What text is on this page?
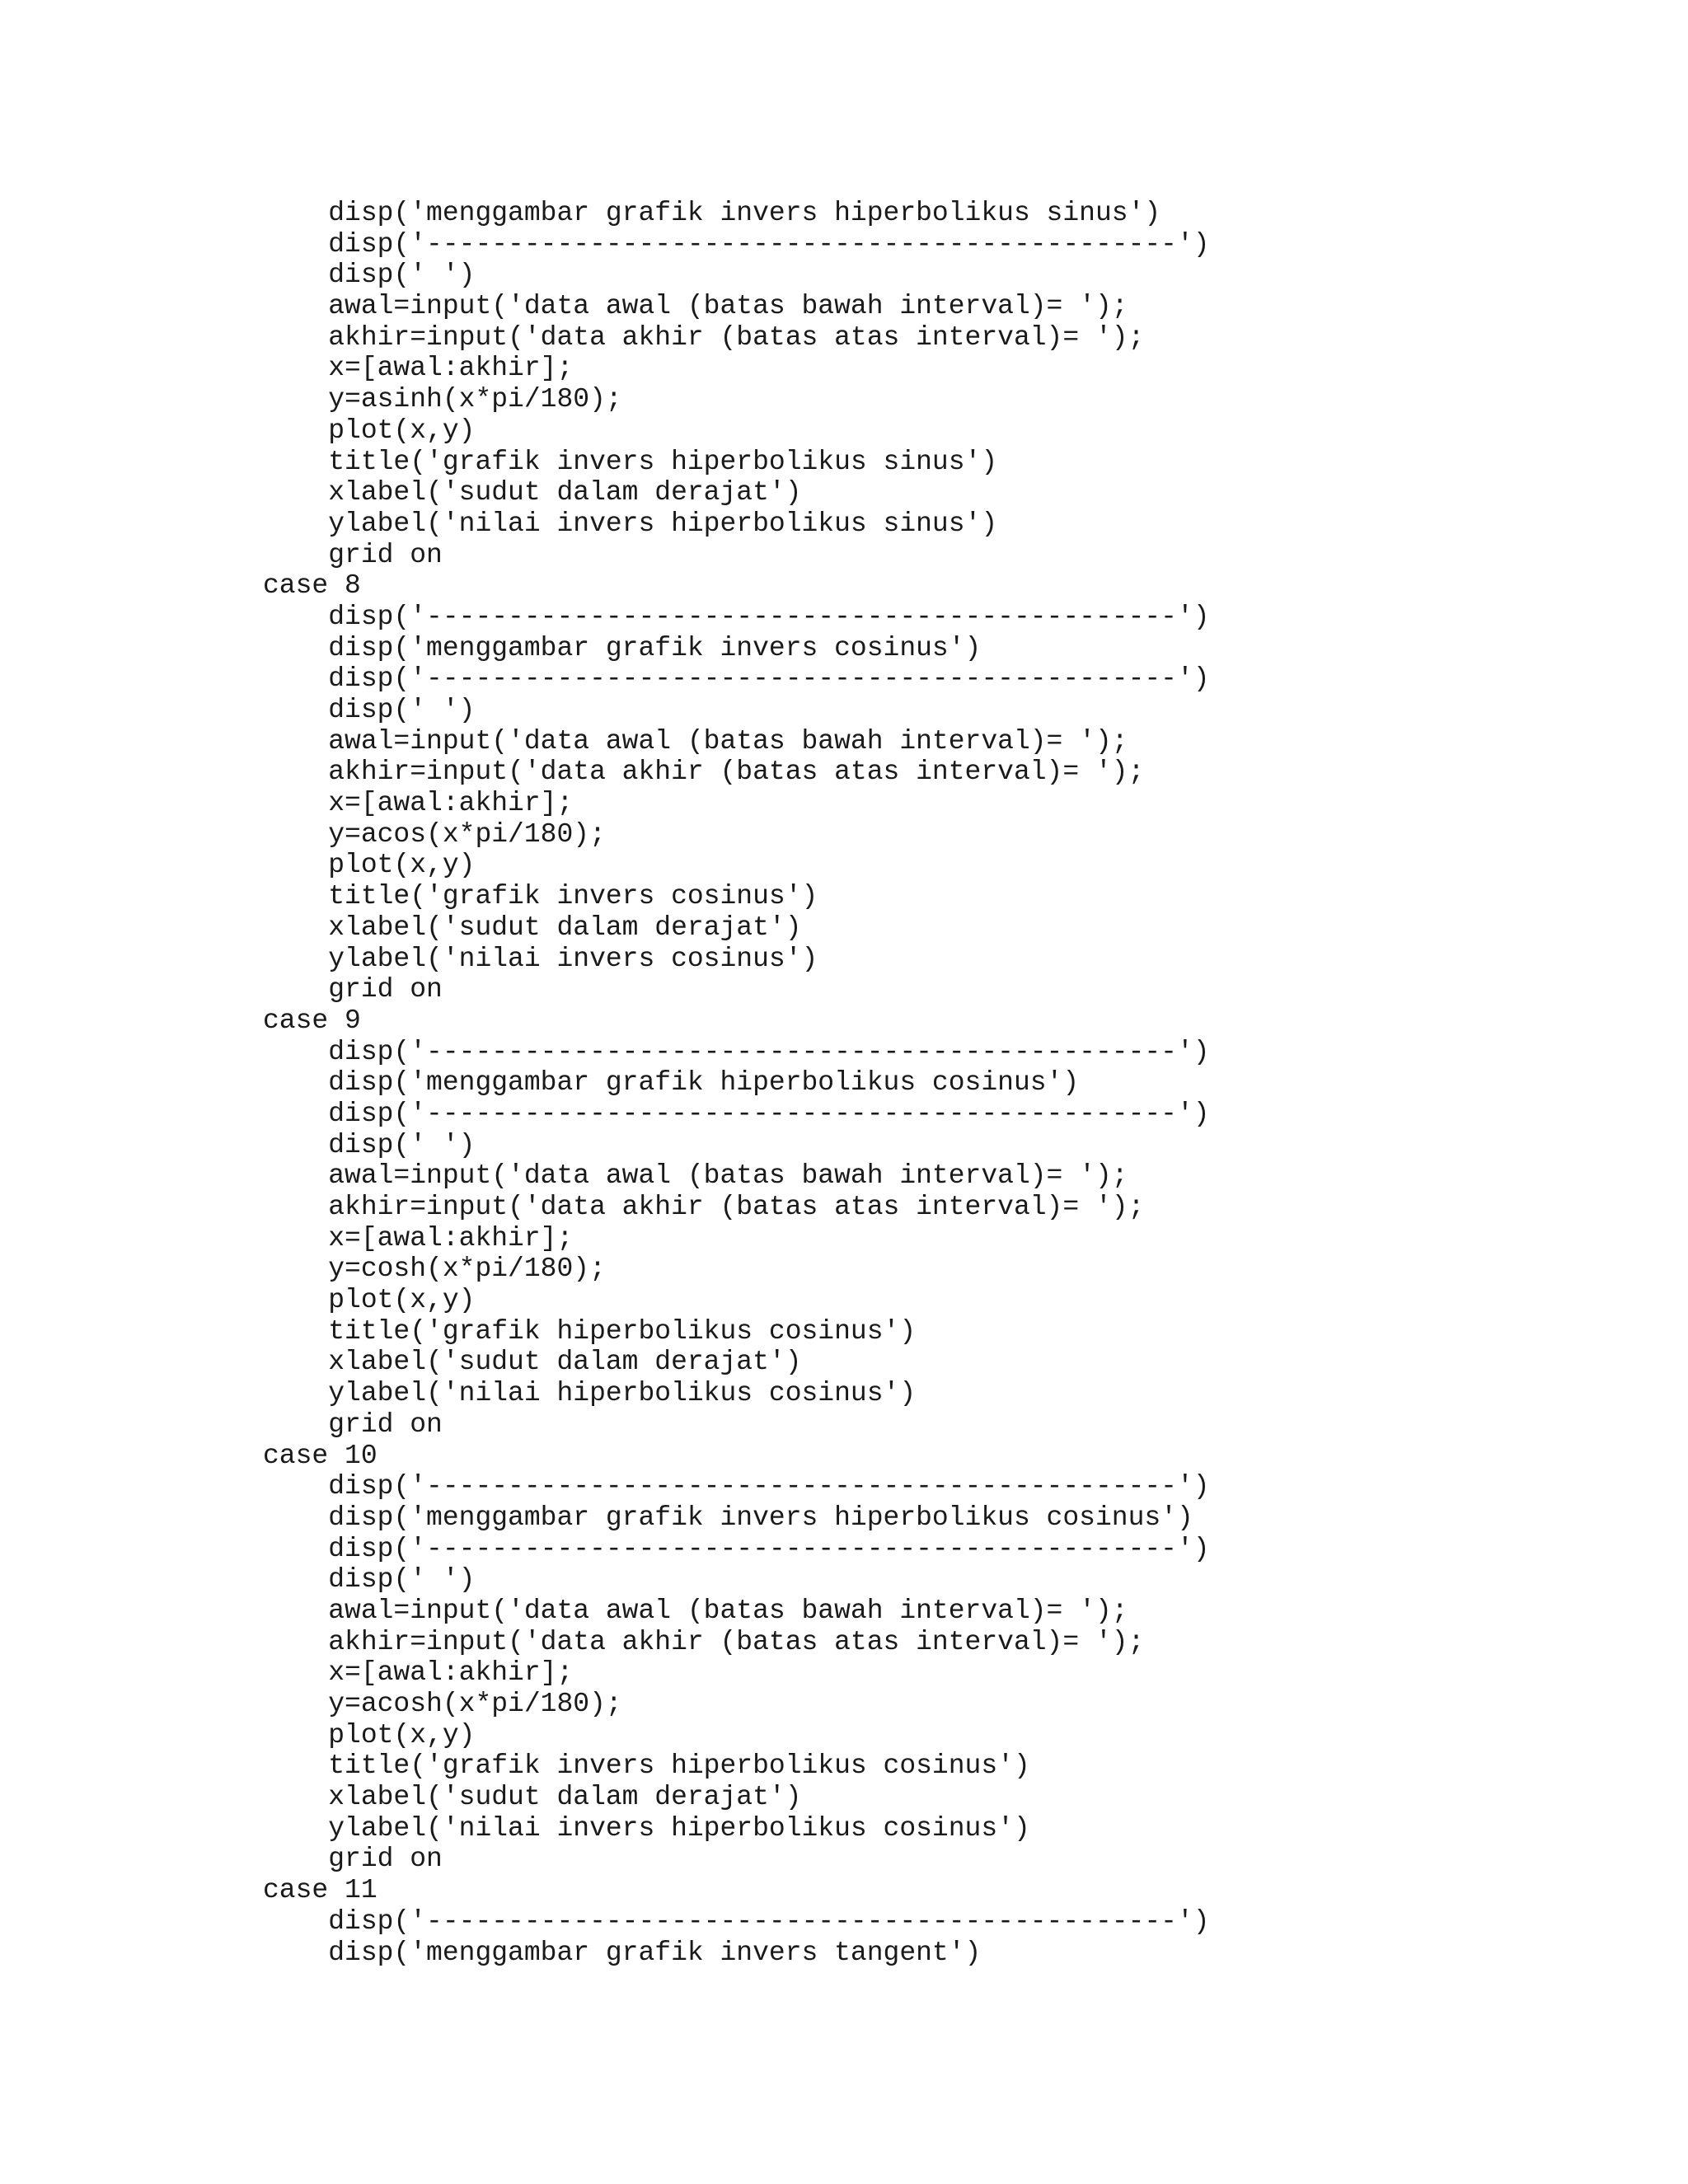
disp('menggambar grafik invers hiperbolikus sinus')
disp('----------------------------------------------')
disp(' ')
awal=input('data awal (batas bawah interval)= ');
akhir=input('data akhir (batas atas interval)= ');
x=[awal:akhir];
y=asinh(x*pi/180);
plot(x,y)
title('grafik invers hiperbolikus sinus')
xlabel('sudut dalam derajat')
ylabel('nilai invers hiperbolikus sinus')
grid on
case 8
disp('----------------------------------------------')
disp('menggambar grafik invers cosinus')
disp('----------------------------------------------')
disp(' ')
awal=input('data awal (batas bawah interval)= ');
akhir=input('data akhir (batas atas interval)= ');
x=[awal:akhir];
y=acos(x*pi/180);
plot(x,y)
title('grafik invers cosinus')
xlabel('sudut dalam derajat')
ylabel('nilai invers cosinus')
grid on
case 9
disp('----------------------------------------------')
disp('menggambar grafik hiperbolikus cosinus')
disp('----------------------------------------------')
disp(' ')
awal=input('data awal (batas bawah interval)= ');
akhir=input('data akhir (batas atas interval)= ');
x=[awal:akhir];
y=cosh(x*pi/180);
plot(x,y)
title('grafik hiperbolikus cosinus')
xlabel('sudut dalam derajat')
ylabel('nilai hiperbolikus cosinus')
grid on
case 10
disp('----------------------------------------------')
disp('menggambar grafik invers hiperbolikus cosinus')
disp('----------------------------------------------')
disp(' ')
awal=input('data awal (batas bawah interval)= ');
akhir=input('data akhir (batas atas interval)= ');
x=[awal:akhir];
y=acosh(x*pi/180);
plot(x,y)
title('grafik invers hiperbolikus cosinus')
xlabel('sudut dalam derajat')
ylabel('nilai invers hiperbolikus cosinus')
grid on
case 11
disp('----------------------------------------------')
disp('menggambar grafik invers tangent')
